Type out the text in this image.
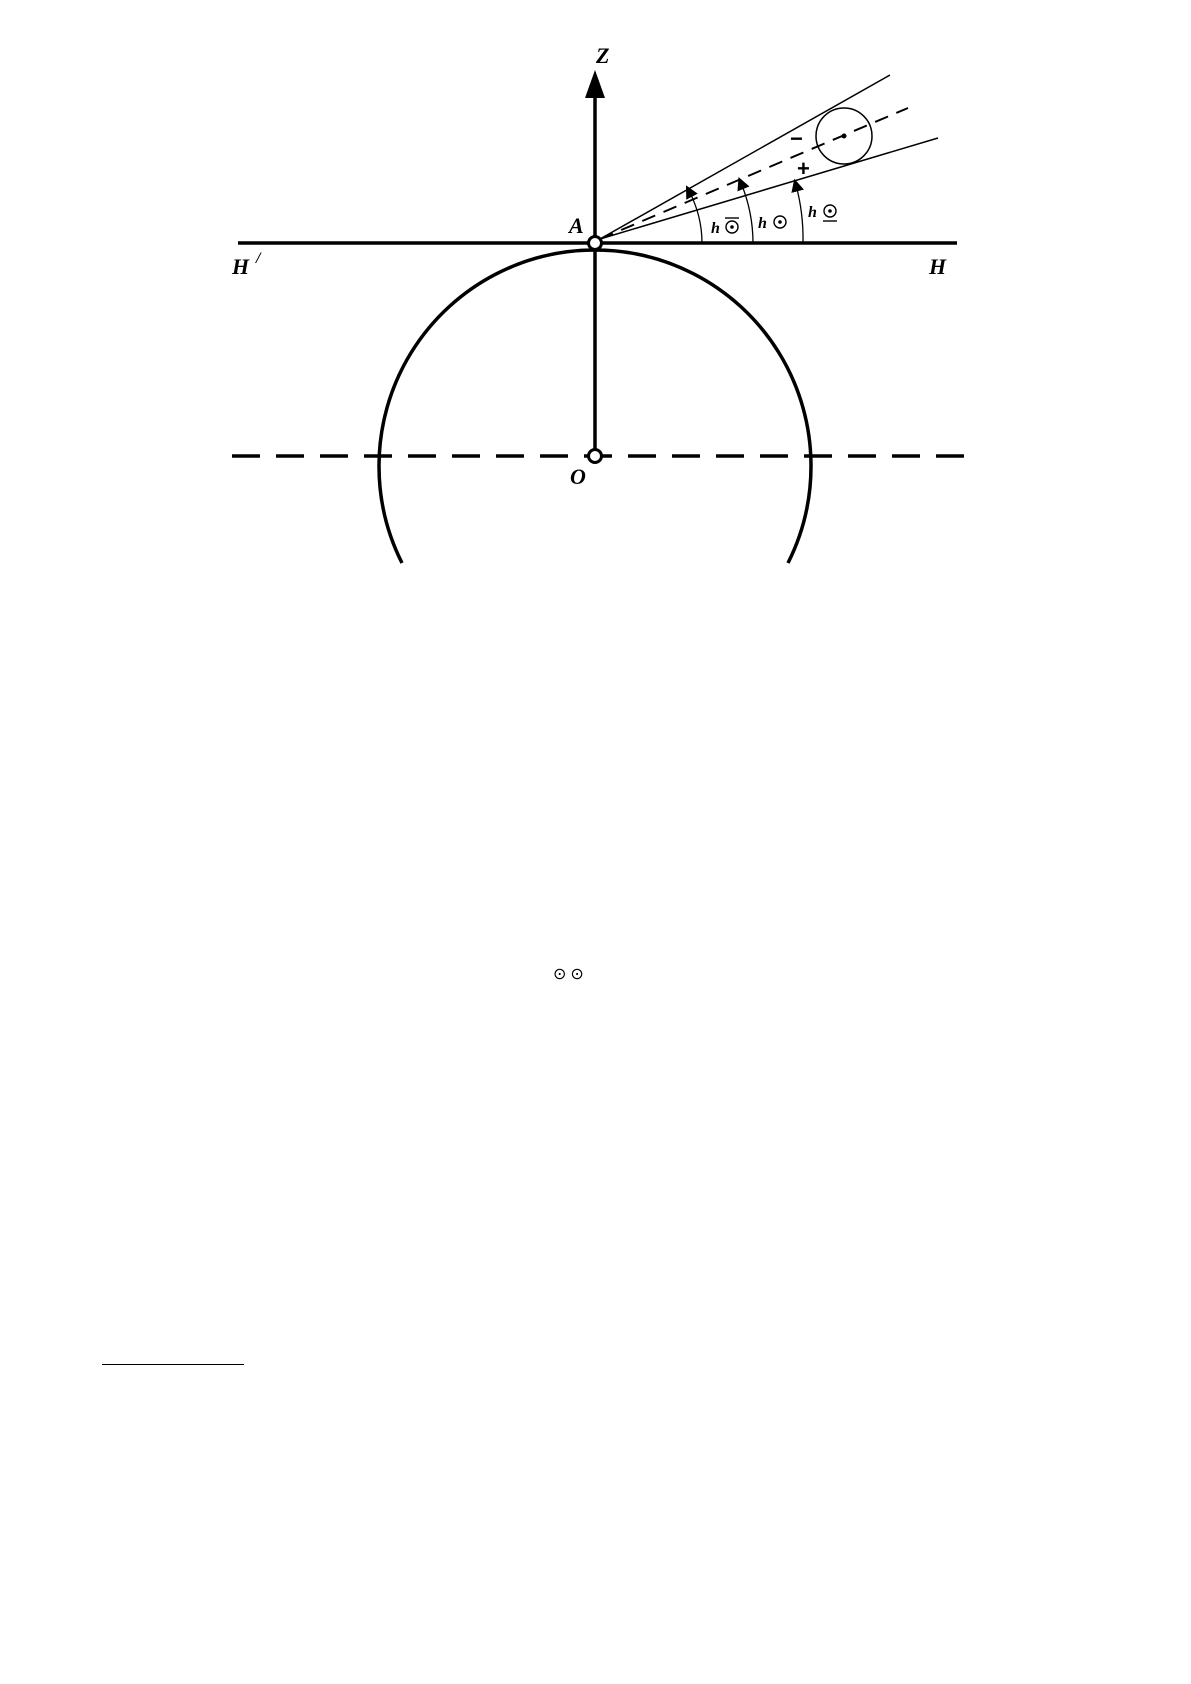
Z
A
O
H /	H
−
+
h h
h
⊙ ⊙
